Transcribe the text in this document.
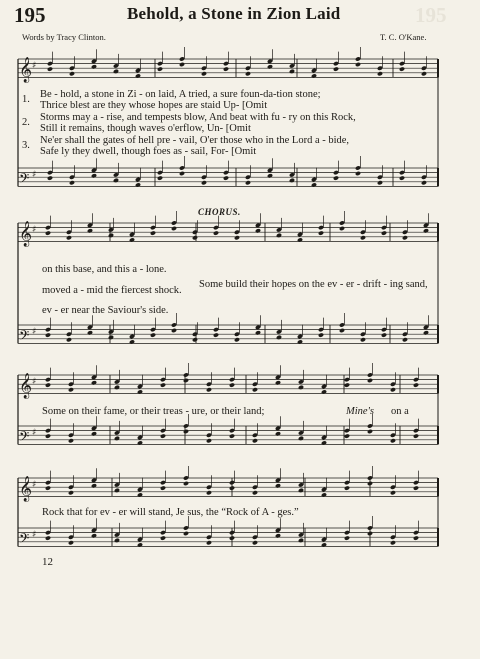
195	Behold, a Stone in Zion Laid	195
Words by Tracy Clinton.	T. C. O'Kane.
𝄞 ♯
𝄢 ♯
𝄞 ♯
𝄢 ♯
𝄞 ♯
𝄢 ♯
𝄞 ♯
𝄢 ♯
Be - hold, a stone in Zi - on laid, A tried, a sure foun-da-tion stone;
Thrice blest are they whose hopes are staid Up- [Omit
Storms may a - rise, and tempests blow, And beat with fu - ry on this Rock,
Still it remains, though waves o'erflow, Un- [Omit
Ne'er shall the gates of hell pre - vail, O'er those who in the Lord a - bide,
Safe ly they dwell, though foes as - sail, For- [Omit
1.
2.
3.
CHORUS.
on this base, and this a - lone.
moved a - mid the fiercest shock.
Some build their hopes on the ev - er - drift - ing sand,
ev - er near the Saviour's side.
Some on their fame, or their treas - ure, or their land;	Mine's on a
Rock that for ev - er will stand, Je sus, the “Rock of A - ges.”
12
